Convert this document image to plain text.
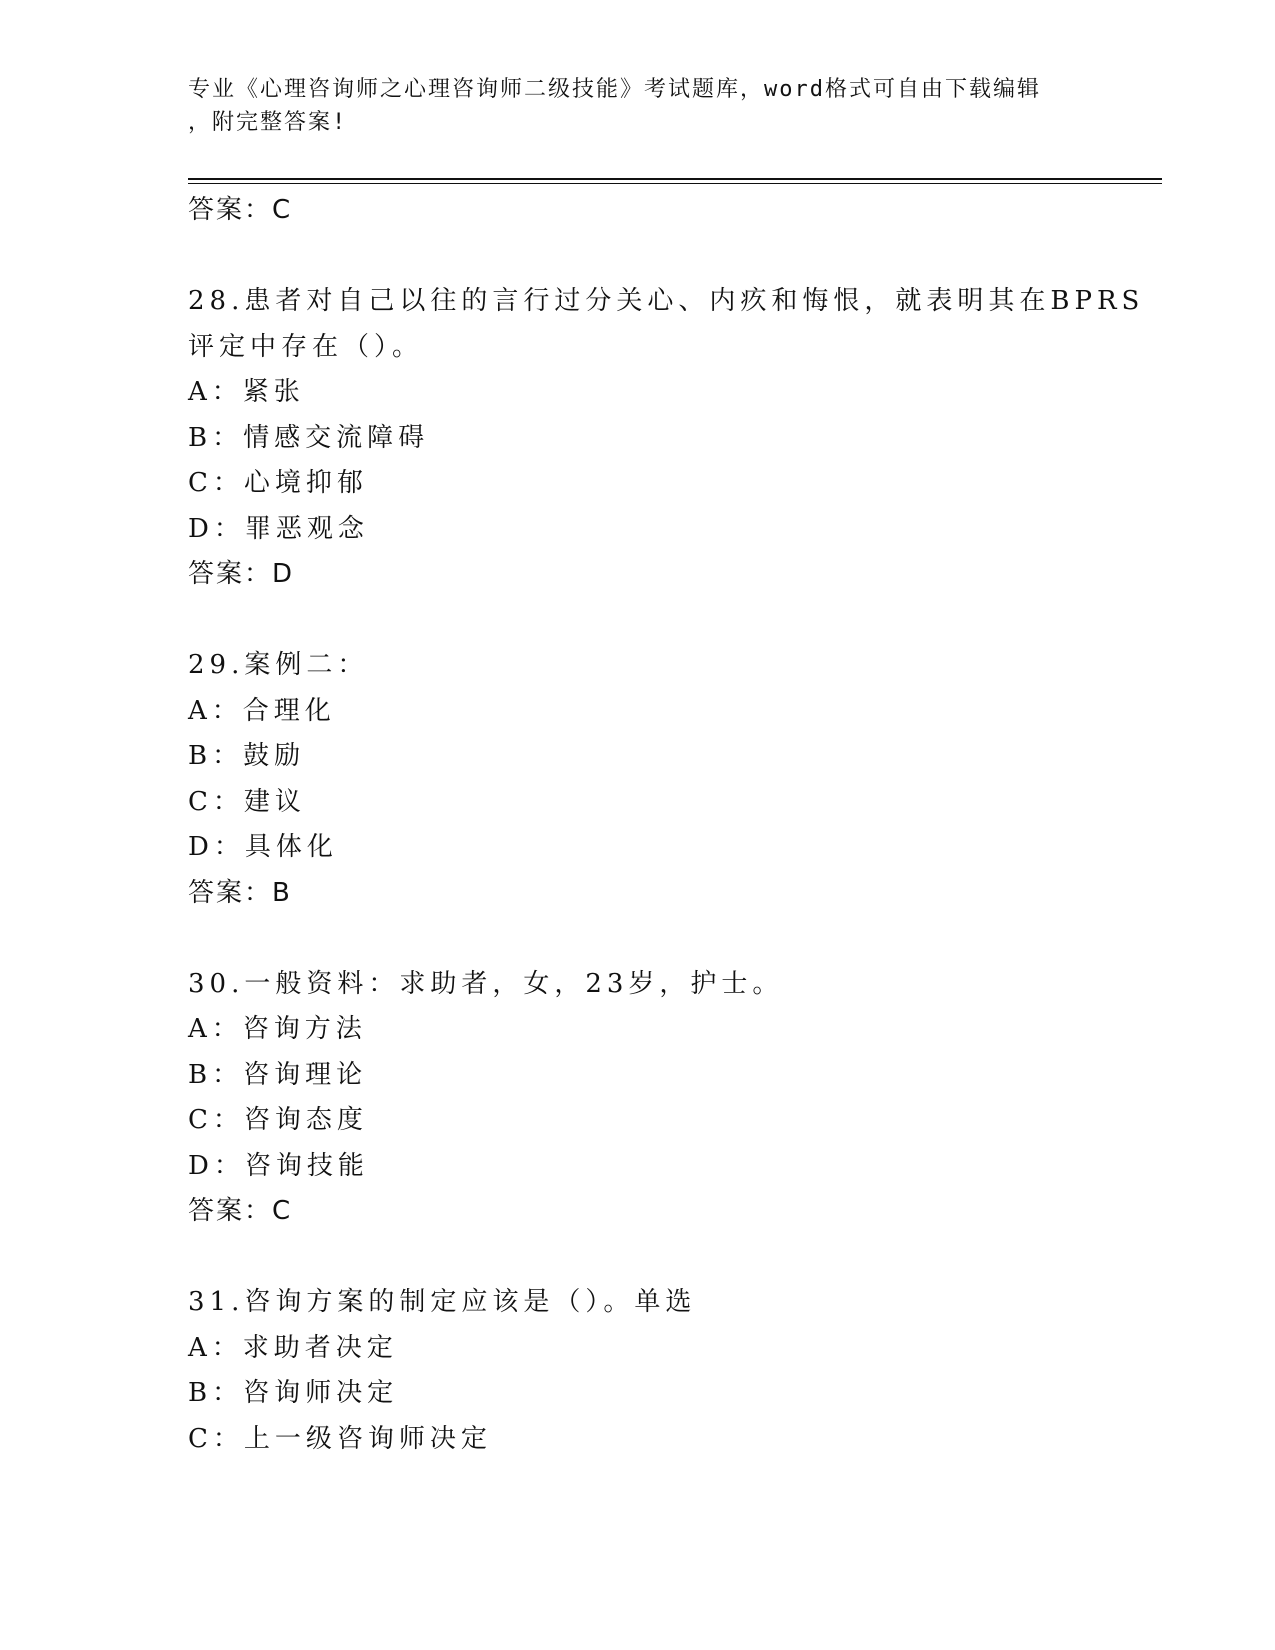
专业《心理咨询师之心理咨询师二级技能》考试题库，word格式可自由下载编辑
，附完整答案!
答案：C
28.患者对自己以往的言行过分关心、内疚和悔恨，就表明其在BPRS
评定中存在（）。
A：紧张
B：情感交流障碍
C：心境抑郁
D：罪恶观念
答案：D
29.案例二：
A：合理化
B：鼓励
C：建议
D：具体化
答案：B
30.一般资料：求助者，女，23岁，护士。
A：咨询方法
B：咨询理论
C：咨询态度
D：咨询技能
答案：C
31.咨询方案的制定应该是（）。单选
A：求助者决定
B：咨询师决定
C：上一级咨询师决定
